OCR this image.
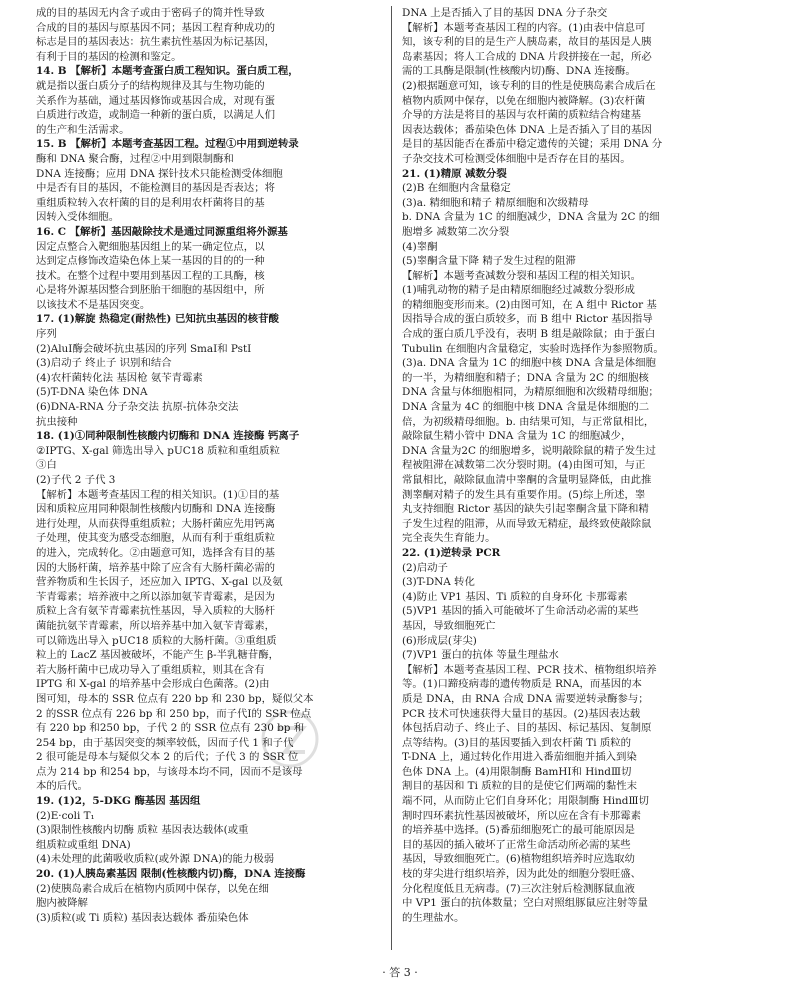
成的目的基因无内含子或由于密码子的简并性导致
合成的目的基因与原基因不同；基因工程育种成功的
标志是目的基因表达：抗生素抗性基因为标记基因，
有利于目的基因的检测和鉴定。
14. B 【解析】本题考查蛋白质工程知识。蛋白质工程，
就是指以蛋白质分子的结构规律及其与生物功能的
关系作为基础，通过基因修饰或基因合成，对现有蛋
白质进行改造，或制造一种新的蛋白质，以满足人们
的生产和生活需求。
15. B 【解析】本题考查基因工程。过程①中用到逆转录
酶和 DNA 聚合酶，过程②中用到限制酶和
DNA 连接酶；应用 DNA 探针技术只能检测受体细胞
中是否有目的基因，不能检测目的基因是否表达；将
重组质粒转入农杆菌的目的是利用农杆菌将目的基
因转入受体细胞。
16. C 【解析】基因敲除技术是通过同源重组将外源基
因定点整合入靶细胞基因组上的某一确定位点，以
达到定点修饰改造染色体上某一基因的目的的一种
技术。在整个过程中要用到基因工程的工具酶，核
心是将外源基因整合到胚胎干细胞的基因组中，所
以该技术不是基因突变。
17. (1)解旋 热稳定(耐热性) 已知抗虫基因的核苷酸
序列
(2)AluⅠ酶会破坏抗虫基因的序列 SmaⅠ和 PstⅠ
(3)启动子 终止子 识别和结合
(4)农杆菌转化法 基因枪 氨苄青霉素
(5)T-DNA 染色体 DNA
(6)DNA-RNA 分子杂交法 抗原-抗体杂交法
抗虫接种
18. (1)①同种限制性核酸内切酶和 DNA 连接酶 钙离子
②IPTG、X-gal 筛选出导入 pUC18 质粒和重组质粒
③白
(2)子代 2 子代 3
【解析】本题考查基因工程的相关知识。(1)①目的基
因和质粒应用同种限制性核酸内切酶和 DNA 连接酶
进行处理，从而获得重组质粒；大肠杆菌应先用钙离
子处理，使其变为感受态细胞，从而有利于重组质粒
的进入，完成转化。②由题意可知，选择含有目的基
因的大肠杆菌，培养基中除了应含有大肠杆菌必需的
营养物质和生长因子，还应加入 IPTG、X-gal 以及氨
苄青霉素；培养液中之所以添加氨苄青霉素，是因为
质粒上含有氨苄青霉素抗性基因，导入质粒的大肠杆
菌能抗氨苄青霉素，所以培养基中加入氨苄青霉素，
可以筛选出导入 pUC18 质粒的大肠杆菌。③重组质
粒上的 LacZ 基因被破坏，不能产生 β-半乳糖苷酶，
若大肠杆菌中已成功导入了重组质粒，则其在含有
IPTG 和 X-gal 的培养基中会形成白色菌落。(2)由
图可知，母本的 SSR 位点有 220 bp 和 230 bp，疑似父本
2 的SSR 位点有 226 bp 和 250 bp，而子代Ⅰ的 SSR 位点
有 220 bp 和250 bp，子代 2 的 SSR 位点有 230 bp 和
254 bp，由于基因突变的频率较低，因而子代 1 和子代
2 很可能是母本与疑似父本 2 的后代；子代 3 的 SSR 位
点为 214 bp 和254 bp，与该母本均不同，因而不是该母
本的后代。
19. (1)2，5-DKG 酶基因 基因组
(2)E·coli T₁
(3)限制性核酸内切酶 质粒 基因表达载体(或重
组质粒或重组 DNA)
(4)未处理的此菌吸收质粒(或外源 DNA)的能力极弱
20. (1)人胰岛素基因 限制(性核酸内切)酶，DNA 连接酶
(2)使胰岛素合成后在植物内质网中保存，以免在细
胞内被降解
(3)质粒(或 Ti 质粒) 基因表达载体 番茄染色体
DNA 上是否插入了目的基因 DNA 分子杂交
【解析】本题考查基因工程的内容。(1)由表中信息可
知，该专利的目的是生产人胰岛素，故目的基因是人胰
岛素基因；将人工合成的 DNA 片段拼接在一起，所必
需的工具酶是限制(性核酸内切)酶、DNA 连接酶。
(2)根据题意可知，该专利的目的性是使胰岛素合成后在
植物内质网中保存，以免在细胞内被降解。(3)农杆菌
介导的方法是将目的基因与农杆菌的质粒结合构建基
因表达载体；番茄染色体 DNA 上是否插入了目的基因
是目的基因能否在番茄中稳定遗传的关键；采用 DNA 分
子杂交技术可检测受体细胞中是否存在目的基因。
21. (1)精原 减数分裂
(2)B 在细胞内含量稳定
(3)a. 精细胞和精子 精原细胞和次级精母
b. DNA 含量为 1C 的细胞减少，DNA 含量为 2C 的细
胞增多 减数第二次分裂
(4)睾酮
(5)睾酮含量下降 精子发生过程的阻滞
【解析】本题考查减数分裂和基因工程的相关知识。
(1)哺乳动物的精子是由精原细胞经过减数分裂形成
的精细胞变形而来。(2)由图可知，在 A 组中 Rictor 基
因指导合成的蛋白质较多，而 B 组中 Rictor 基因指导
合成的蛋白质几乎没有，表明 B 组是敲除鼠；由于蛋白
Tubulin 在细胞内含量稳定，实验时选择作为参照物质。
(3)a. DNA 含量为 1C 的细胞中核 DNA 含量是体细胞
的一半，为精细胞和精子；DNA 含量为 2C 的细胞核
DNA 含量与体细胞相同，为精原细胞和次级精母细胞；
DNA 含量为 4C 的细胞中核 DNA 含量是体细胞的二
倍，为初级精母细胞。b. 由结果可知，与正常鼠相比，
敲除鼠生精小管中 DNA 含量为 1C 的细胞减少，
DNA 含量为2C 的细胞增多，说明敲除鼠的精子发生过
程被阻滞在减数第二次分裂时期。(4)由图可知，与正
常鼠相比，敲除鼠血清中睾酮的含量明显降低，由此推
测睾酮对精子的发生具有重要作用。(5)综上所述，睾
丸支持细胞 Rictor 基因的缺失引起睾酮含量下降和精
子发生过程的阻滞，从而导致无精症，最终致使敲除鼠
完全丧失生育能力。
22. (1)逆转录 PCR
(2)启动子
(3)T-DNA 转化
(4)防止 VP1 基因、Ti 质粒的自身环化 卡那霉素
(5)VP1 基因的插入可能破坏了生命活动必需的某些
基因，导致细胞死亡
(6)形成层(芽尖)
(7)VP1 蛋白的抗体 等量生理盐水
【解析】本题考查基因工程、PCR 技术、植物组织培养
等。(1)口蹄疫病毒的遗传物质是 RNA，而基因的本
质是 DNA，由 RNA 合成 DNA 需要逆转录酶参与；
PCR 技术可快速获得大量目的基因。(2)基因表达载
体包括启动子、终止子、目的基因、标记基因、复制原
点等结构。(3)目的基因要插入到农杆菌 Ti 质粒的
T-DNA 上，通过转化作用进入番茄细胞并插入到染
色体 DNA 上。(4)用限制酶 BamHⅠ和 HindⅢ切
割目的基因和 Ti 质粒的目的是使它们两端的黏性末
端不同，从而防止它们自身环化；用限制酶 HindⅢ切
割时四环素抗性基因被破坏，所以应在含有卡那霉素
的培养基中选择。(5)番茄细胞死亡的最可能原因是
目的基因的插入破坏了正常生命活动所必需的某些
基因，导致细胞死亡。(6)植物组织培养时应选取幼
枝的芽尖进行组织培养，因为此处的细胞分裂旺盛、
分化程度低且无病毒。(7)三次注射后检测豚鼠血液
中 VP1 蛋白的抗体数量；空白对照组豚鼠应注射等量
的生理盐水。
· 答 3 ·
